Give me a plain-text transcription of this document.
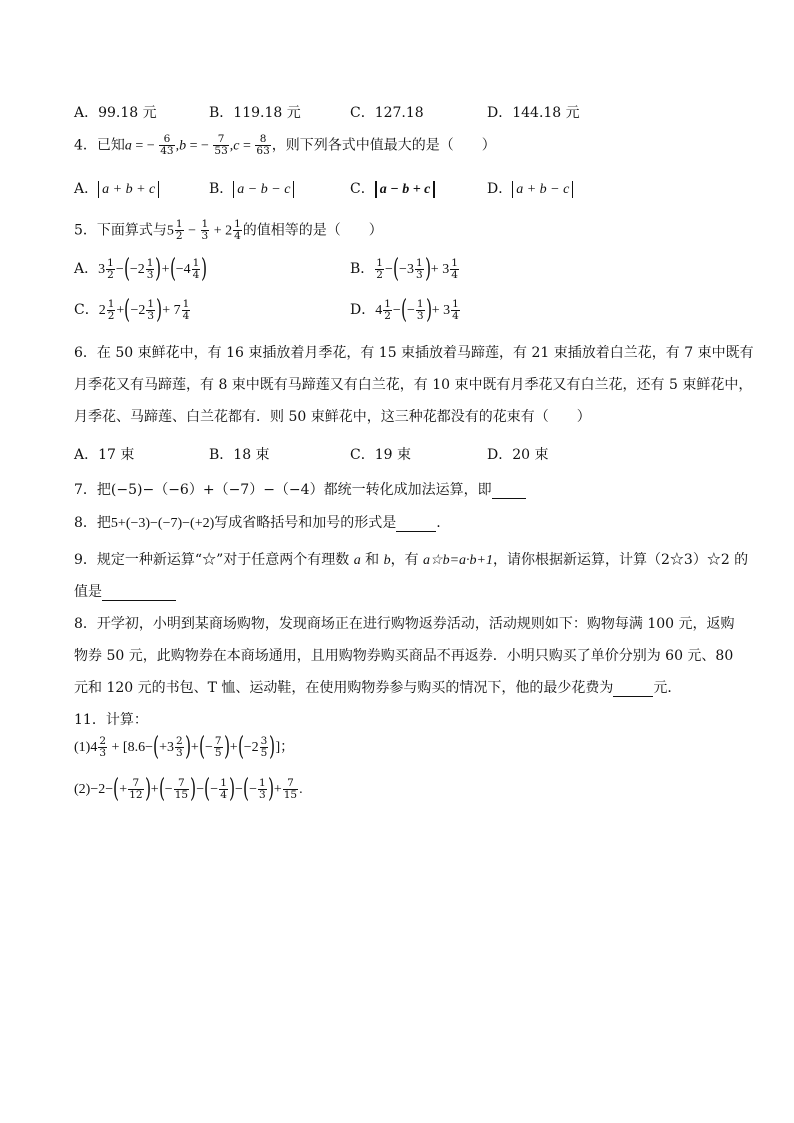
A．99.18 元	B．119.18 元	C．127.18	D．144.18 元
4．已知a = − $\frac{6}{43} ,b$ = − $\frac{7}{53} ,c = \frac{8}{63}$ ，则下列各式中值最大的是（　　）
A． a + b + c	B． a − b − c	C． a − b + c	D． a + b − c
5．下面算式与$5 \frac{1}{2} - \frac{1}{3} + 2 \frac{1}{4}$ 的值相等的是（　　）
A．$3 \frac{1}{2} -(-2 \frac{1}{3} )+(-4 \frac{1}{4}$ )	B． $\frac{1}{2} -(-3 \frac{1}{3}$ )+ $3 \frac{1}{4}$
C．$2 \frac{1}{2} +(-2 \frac{1}{3}$ )+ $7 \frac{1}{4}$	D．$4 \frac{1}{2}$ −(− $\frac{1}{3}$ )+ $3 \frac{1}{4}$
6．在 50 束鲜花中，有 16 束插放着月季花，有 15 束插放着马蹄莲，有 21 束插放着白兰花，有 7 束中既有
月季花又有马蹄莲，有 8 束中既有马蹄莲又有白兰花，有 10 束中既有月季花又有白兰花，还有 5 束鲜花中，
月季花、马蹄莲、白兰花都有．则 50 束鲜花中，这三种花都没有的花束有（　　）
A．17 束	B．18 束	C．19 束	D．20 束
7．把(−5)−（−6）+（−7）−（−4）都统一转化成加法运算，即
8．把5+(−3)−(−7)−(+2)写成省略括号和加号的形式是	.
9．规定一种新运算“☆”对于任意两个有理数 a 和 b，有 a☆b=a·b+1，请你根据新运算，计算（2☆3）☆2 的
值是
8．开学初，小明到某商场购物，发现商场正在进行购物返券活动，活动规则如下：购物每满 100 元，返购
物券 50 元，此购物券在本商场通用，且用购物券购买商品不再返券．小明只购买了单价分别为 60 元、80
元和 120 元的书包、T 恤、运动鞋，在使用购物券参与购买的情况下，他的最少花费为	元．
11．计算：
$(1)4 \frac{2}{3} + [8.6-(+3 \frac{2}{3}$ )+(− $\frac{7}{5} )+(-2 \frac{3}{5}$ )]；
$(2)-2-(+ \frac{7}{12}$ )+(− $\frac{7}{15}$ )−(− $\frac{1}{4}$ )−(− $\frac{1}{3}$ )+ $\frac{7}{15}$ .
